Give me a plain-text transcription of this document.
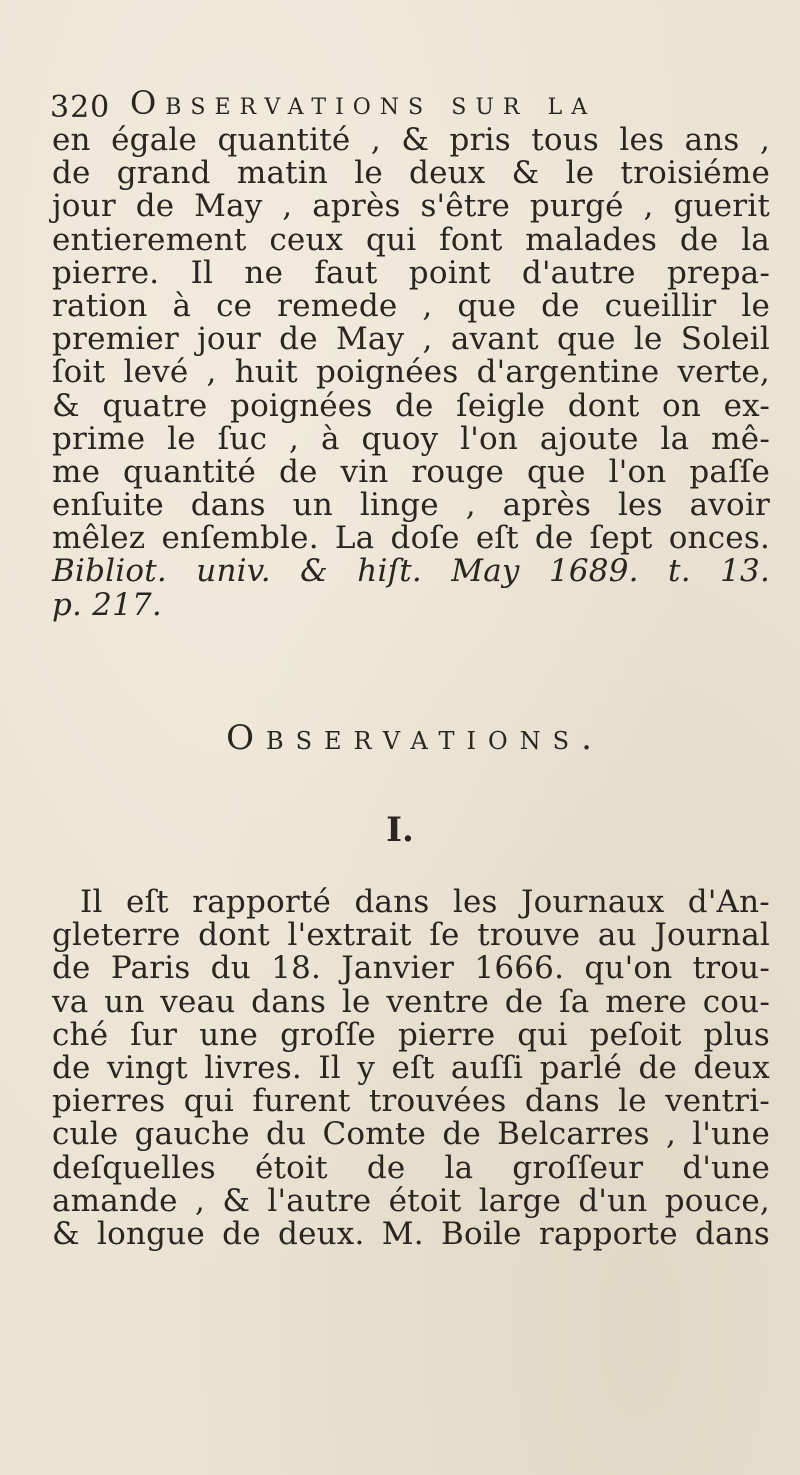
320 Observations sur la
en égale quantité , & pris tous les ans ,
de grand matin le deux & le troisiéme
jour de May , après s'être purgé , guerit
entierement ceux qui font malades de la
pierre. Il ne faut point d'autre prepa-
ration à ce remede , que de cueillir le
premier jour de May , avant que le Soleil
ſoit levé , huit poignées d'argentine verte,
& quatre poignées de ſeigle dont on ex-
prime le ſuc , à quoy l'on ajoute la mê-
me quantité de vin rouge que l'on paſſe
enſuite dans un linge , après les avoir
mêlez enſemble. La doſe eſt de ſept onces.
Bibliot. univ. & hiſt. May 1689. t. 13.
p. 217.
Observations.
I.
Il eſt rapporté dans les Journaux d'An-
gleterre dont l'extrait ſe trouve au Journal
de Paris du 18. Janvier 1666. qu'on trou-
va un veau dans le ventre de ſa mere cou-
ché ſur une groſſe pierre qui peſoit plus
de vingt livres. Il y eſt auſſi parlé de deux
pierres qui furent trouvées dans le ventri-
cule gauche du Comte de Belcarres , l'une
deſquelles étoit de la groſſeur d'une
amande , & l'autre étoit large d'un pouce,
& longue de deux. M. Boile rapporte dans
